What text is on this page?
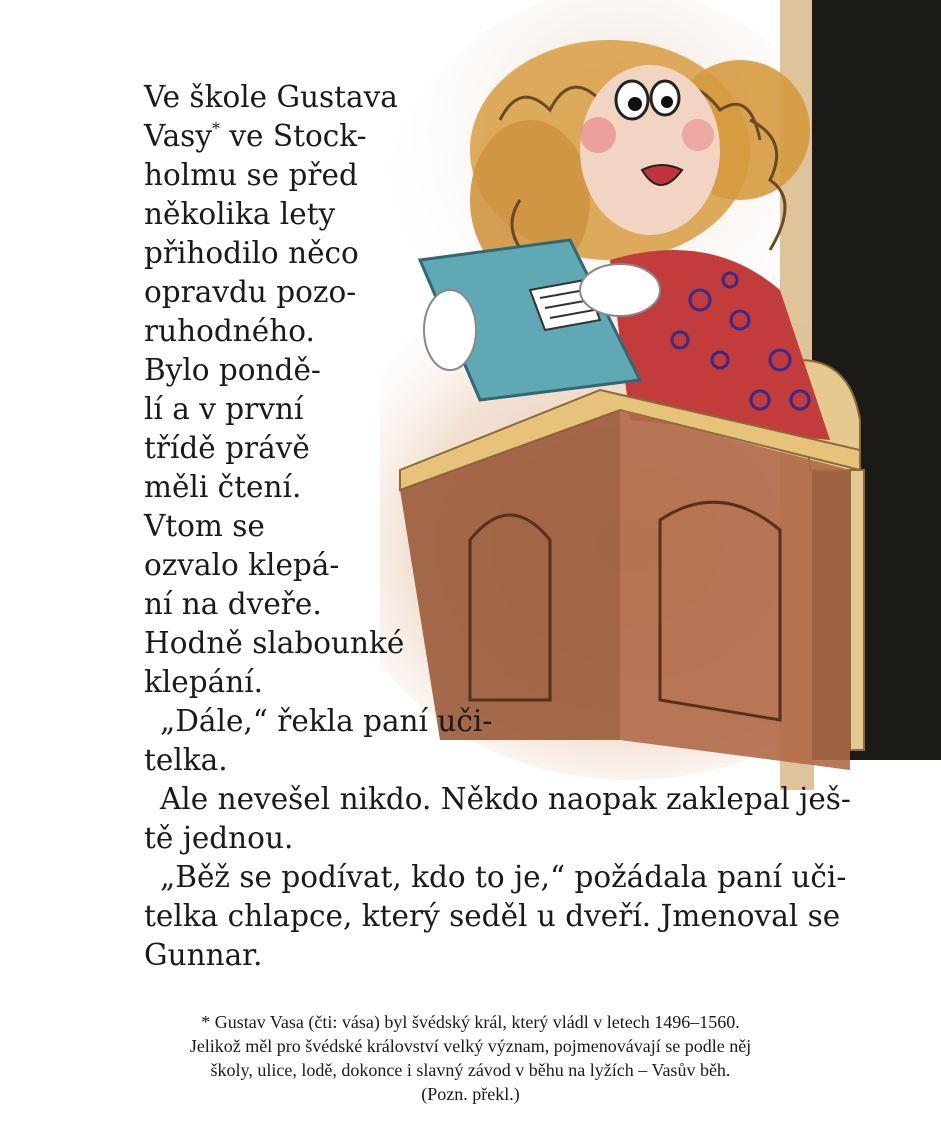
Ve škole Gustava
Vasy* ve Stock-
holmu se před
několika lety
přihodilo něco
opravdu pozo-
ruhodného.
Bylo pondě-
lí a v první
třídě právě
měli čtení.
Vtom se
ozvalo klepá-
ní na dveře.
Hodně slabounké
klepání.
„Dále,“ řekla paní uči-
telka.
Ale nevešel nikdo. Někdo naopak zaklepal ješ-
tě jednou.
„Běž se podívat, kdo to je,“ požádala paní uči-
telka chlapce, který seděl u dveří. Jmenoval se
Gunnar.
* Gustav Vasa (čti: vása) byl švédský král, který vládl v letech 1496–1560.
Jelikož měl pro švédské království velký význam, pojmenovávají se podle něj
školy, ulice, lodě, dokonce i slavný závod v běhu na lyžích – Vasův běh.
(Pozn. překl.)
